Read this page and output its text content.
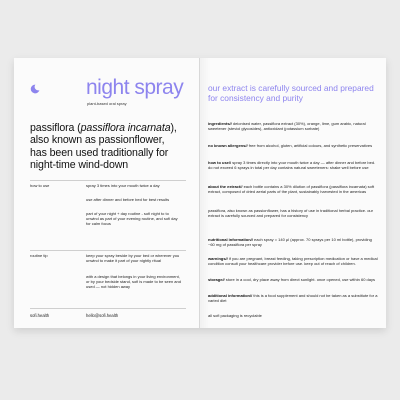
night spray
plant-based oral spray
passiflora (passiflora incarnata), also known as passionflower, has been used traditionally for night-time wind-down
how to use	spray 3 times into your mouth twice a day
use after dinner and before bed for best results
part of your night + day routine - sofi night to to unwind as part of your evening routine, and sofi day for calm focus
routine tip	keep your spray beside by your bed or wherever you unwind to make it part of your nightly ritual
with a design that belongs in your living environment, or by your bedside stand, sofi is made to be seen and used — not hidden away
sofi.health	hello@sofi.health
our extract is carefully sourced and prepared for consistency and purity
ingredients// deionised water, passiflora extract (30%), orange, lime, gum arabic, natural sweetener (steviol glycosides), antioxidant (potassium sorbate)
no known allergens// free from alcohol, gluten, artificial colours, and synthetic preservatives
how to use// spray 3 times directly into your mouth twice a day — after dinner and before bed. do not exceed 6 sprays in total per day contains natural sweeteners: shake well before use
about the extract// each bottle contains a 30% dilution of passiflora (passiflora incarnata) soft extract, composed of dried aerial parts of the plant, sustainably harvested in the americas
passiflora, also known as passionflower, has a history of use in traditional herbal practice. our extract is carefully sourced and prepared for consistency
nutritional information// each spray = 140 μl (approx. 70 sprays per 10 ml bottle), providing ~60 mg of passiflora per spray
warnings// if you are pregnant, breast feeding, taking prescription medication or have a medical condition consult your healthcare provider before use. keep out of reach of children.
storage// store in a cool, dry place away from direct sunlight. once opened, use within 60 days
additional information// this is a food supplement and should not be taken as a substitute for a varied diet
all sofi packaging is recyclable
